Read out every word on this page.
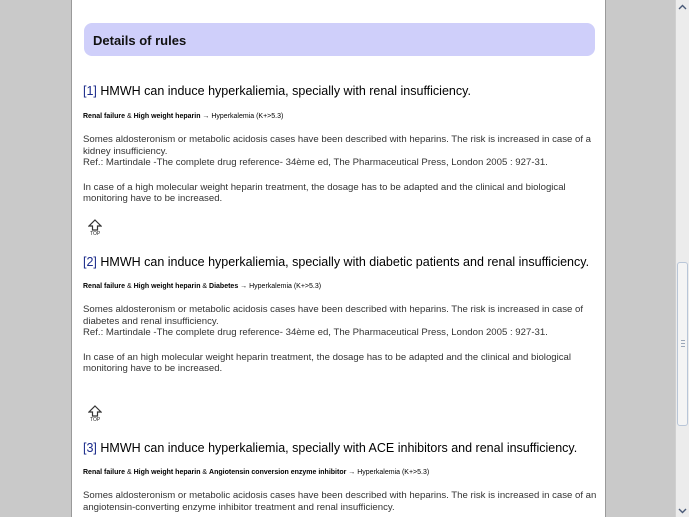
Details of rules

[1] HMWH can induce hyperkaliemia, specially with renal insufficiency.

Renal failure & High weight heparin → Hyperkalemia (K+>5.3)

Somes aldosteronism or metabolic acidosis cases have been described with heparins. The risk is increased in case of a kidney insufficiency.
Ref.: Martindale -The complete drug reference- 34ème ed, The Pharmaceutical Press, London 2005 : 927-31.

In case of a high molecular weight heparin treatment, the dosage has to be adapted and the clinical and biological monitoring have to be increased.

TOP

[2] HMWH can induce hyperkaliemia, specially with diabetic patients and renal insufficiency.

Renal failure & High weight heparin & Diabetes → Hyperkalemia (K+>5.3)

Somes aldosteronism or metabolic acidosis cases have been described with heparins. The risk is increased in case of diabetes and renal insufficiency.
Ref.: Martindale -The complete drug reference- 34ème ed, The Pharmaceutical Press, London 2005 : 927-31.

In case of an high molecular weight heparin treatment, the dosage has to be adapted and the clinical and biological monitoring have to be increased.

TOP

[3] HMWH can induce hyperkaliemia, specially with ACE inhibitors and renal insufficiency.

Renal failure & High weight heparin & Angiotensin conversion enzyme inhibitor → Hyperkalemia (K+>5.3)

Somes aldosteronism or metabolic acidosis cases have been described with heparins. The risk is increased in case of an angiotensin-converting enzyme inhibitor treatment and renal insufficiency.
